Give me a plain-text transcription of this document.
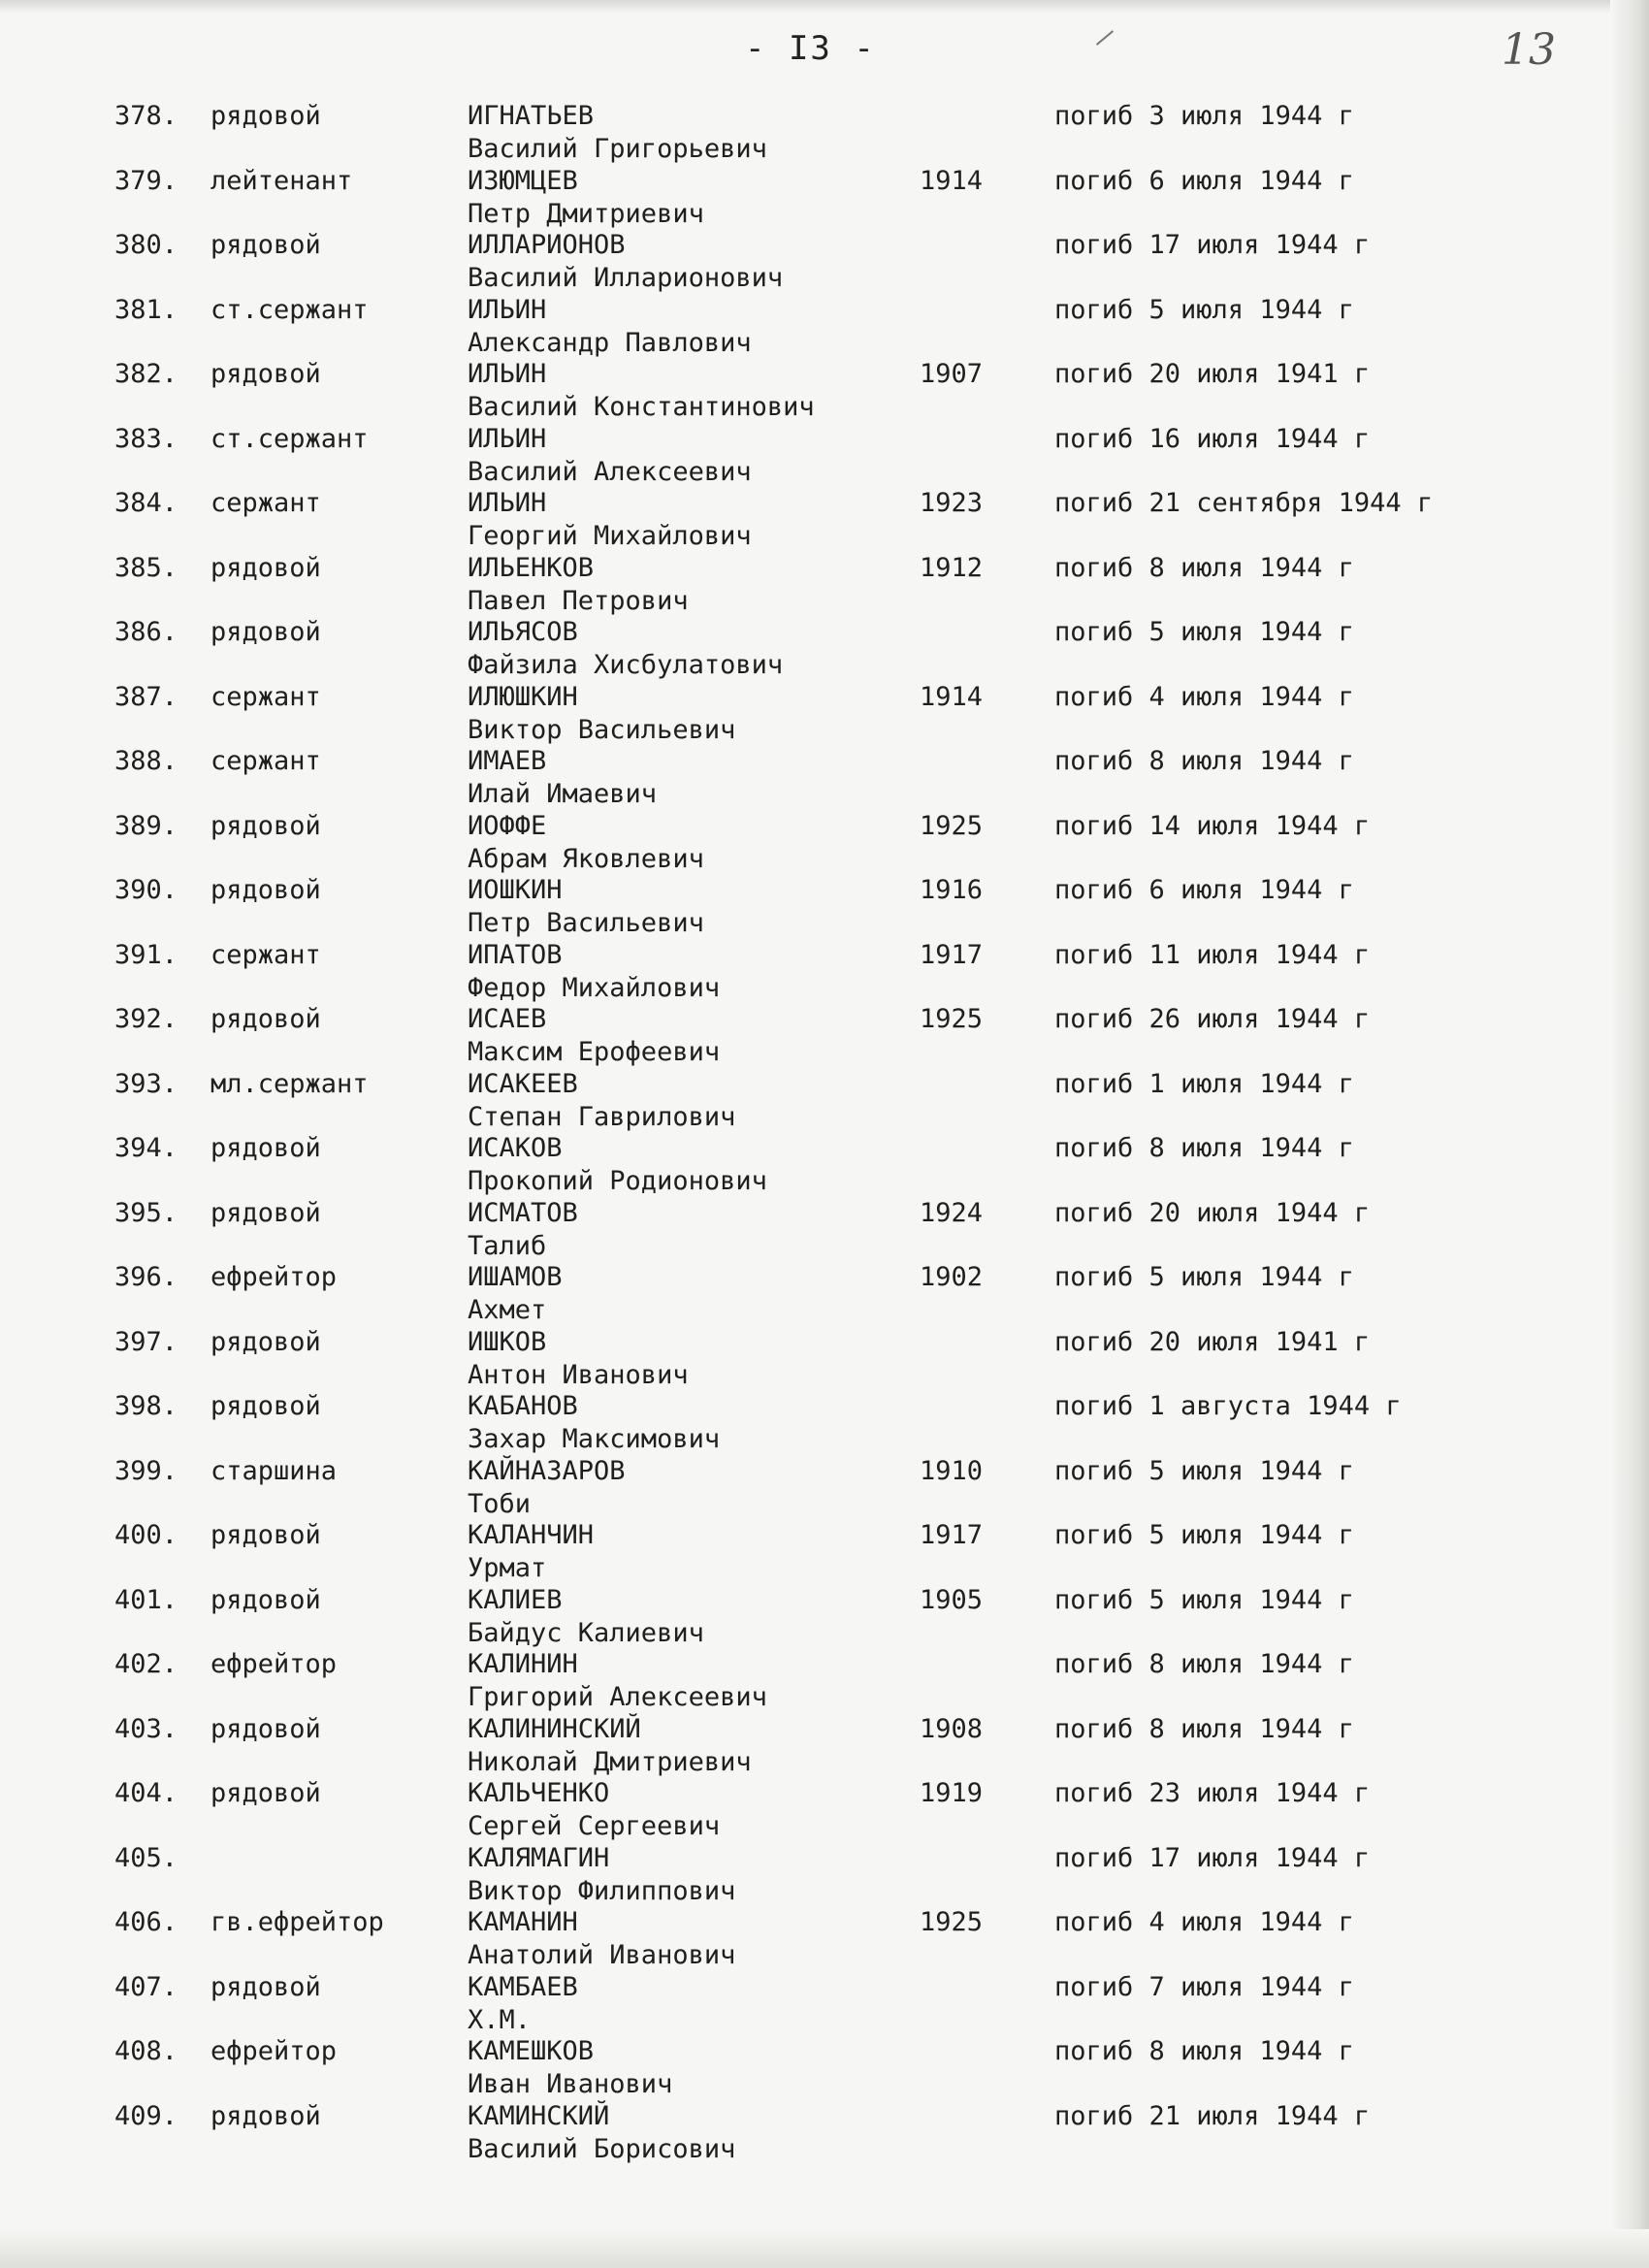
- I3 -	13
378. рядовой	ИГНАТЬЕВ	погиб 3 июля 1944 г
Василий Григорьевич
379. лейтенант	ИЗЮМЦЕВ	1914	погиб 6 июля 1944 г
Петр Дмитриевич
380. рядовой	ИЛЛАРИОНОВ	погиб 17 июля 1944 г
Василий Илларионович
381. ст.сержант	ИЛЬИН	погиб 5 июля 1944 г
Александр Павлович
382. рядовой	ИЛЬИН	1907	погиб 20 июля 1941 г
Василий Константинович
383. ст.сержант	ИЛЬИН	погиб 16 июля 1944 г
Василий Алексеевич
384. сержант	ИЛЬИН	1923	погиб 21 сентября 1944 г
Георгий Михайлович
385. рядовой	ИЛЬЕНКОВ	1912	погиб 8 июля 1944 г
Павел Петрович
386. рядовой	ИЛЬЯСОВ	погиб 5 июля 1944 г
Файзила Хисбулатович
387. сержант	ИЛЮШКИН	1914	погиб 4 июля 1944 г
Виктор Васильевич
388. сержант	ИМАЕВ	погиб 8 июля 1944 г
Илай Имаевич
389. рядовой	ИОФФЕ	1925	погиб 14 июля 1944 г
Абрам Яковлевич
390. рядовой	ИОШКИН	1916	погиб 6 июля 1944 г
Петр Васильевич
391. сержант	ИПАТОВ	1917	погиб 11 июля 1944 г
Федор Михайлович
392. рядовой	ИСАЕВ	1925	погиб 26 июля 1944 г
Максим Ерофеевич
393. мл.сержант	ИСАКЕЕВ	погиб 1 июля 1944 г
Степан Гаврилович
394. рядовой	ИСАКОВ	погиб 8 июля 1944 г
Прокопий Родионович
395. рядовой	ИСМАТОВ	1924	погиб 20 июля 1944 г
Талиб
396. ефрейтор	ИШАМОВ	1902	погиб 5 июля 1944 г
Ахмет
397. рядовой	ИШКОВ	погиб 20 июля 1941 г
Антон Иванович
398. рядовой	КАБАНОВ	погиб 1 августа 1944 г
Захар Максимович
399. старшина	КАЙНАЗАРОВ	1910	погиб 5 июля 1944 г
Тоби
400. рядовой	КАЛАНЧИН	1917	погиб 5 июля 1944 г
Урмат
401. рядовой	КАЛИЕВ	1905	погиб 5 июля 1944 г
Байдус Калиевич
402. ефрейтор	КАЛИНИН	погиб 8 июля 1944 г
Григорий Алексеевич
403. рядовой	КАЛИНИНСКИЙ	1908	погиб 8 июля 1944 г
Николай Дмитриевич
404. рядовой	КАЛЬЧЕНКО	1919	погиб 23 июля 1944 г
Сергей Сергеевич
405.	КАЛЯМАГИН	погиб 17 июля 1944 г
Виктор Филиппович
406. гв.ефрейтор	КАМАНИН	1925	погиб 4 июля 1944 г
Анатолий Иванович
407. рядовой	КАМБАЕВ	погиб 7 июля 1944 г
Х.М.
408. ефрейтор	КАМЕШКОВ	погиб 8 июля 1944 г
Иван Иванович
409. рядовой	КАМИНСКИЙ	погиб 21 июля 1944 г
Василий Борисович
